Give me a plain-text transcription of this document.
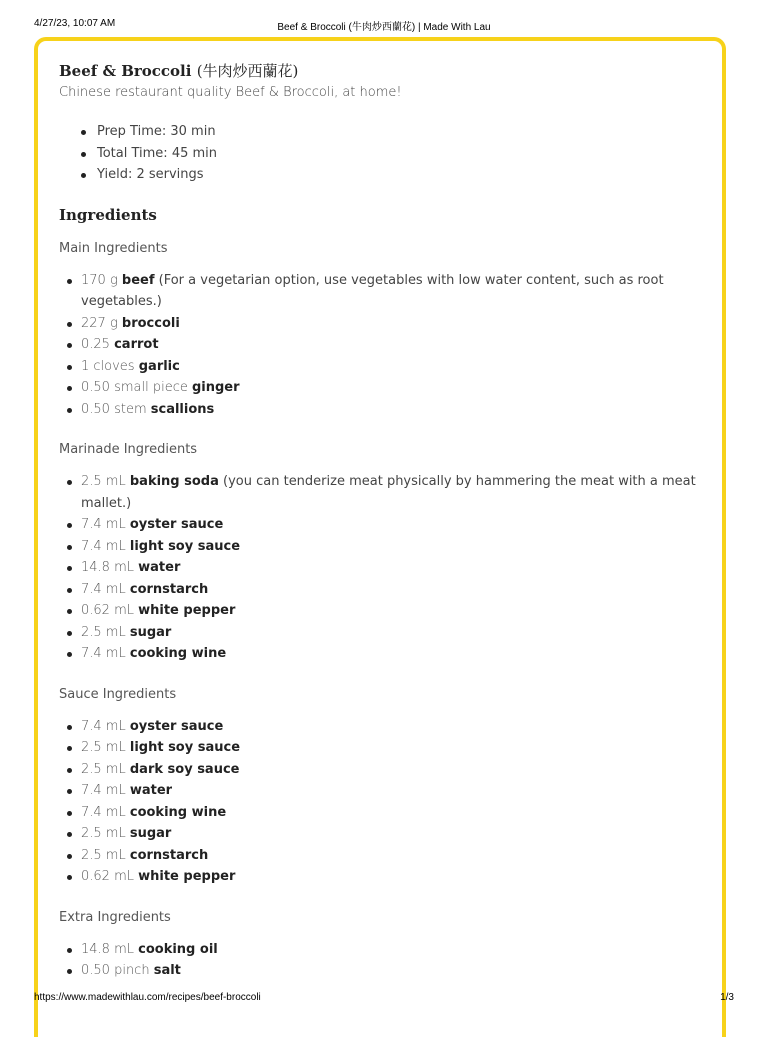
4/27/23, 10:07 AM	Beef & Broccoli (牛肉炒西蘭花) | Made With Lau
Beef & Broccoli (牛肉炒西蘭花)

Chinese restaurant quality Beef & Broccoli, at home!

Prep Time: 30 min
Total Time: 45 min
Yield: 2 servings
Ingredients

Main Ingredients

170 g beef (For a vegetarian option, use vegetables with low water content, such as root vegetables.)
227 g broccoli
0.25 carrot
1 cloves garlic
0.50 small piece ginger
0.50 stem scallions

Marinade Ingredients

2.5 mL baking soda (you can tenderize meat physically by hammering the meat with a meat mallet.)
7.4 mL oyster sauce
7.4 mL light soy sauce
14.8 mL water
7.4 mL cornstarch
0.62 mL white pepper
2.5 mL sugar
7.4 mL cooking wine

Sauce Ingredients

7.4 mL oyster sauce
2.5 mL light soy sauce
2.5 mL dark soy sauce
7.4 mL water
7.4 mL cooking wine
2.5 mL sugar
2.5 mL cornstarch
0.62 mL white pepper

Extra Ingredients

14.8 mL cooking oil
0.50 pinch salt
https://www.madewithlau.com/recipes/beef-broccoli	1/3
